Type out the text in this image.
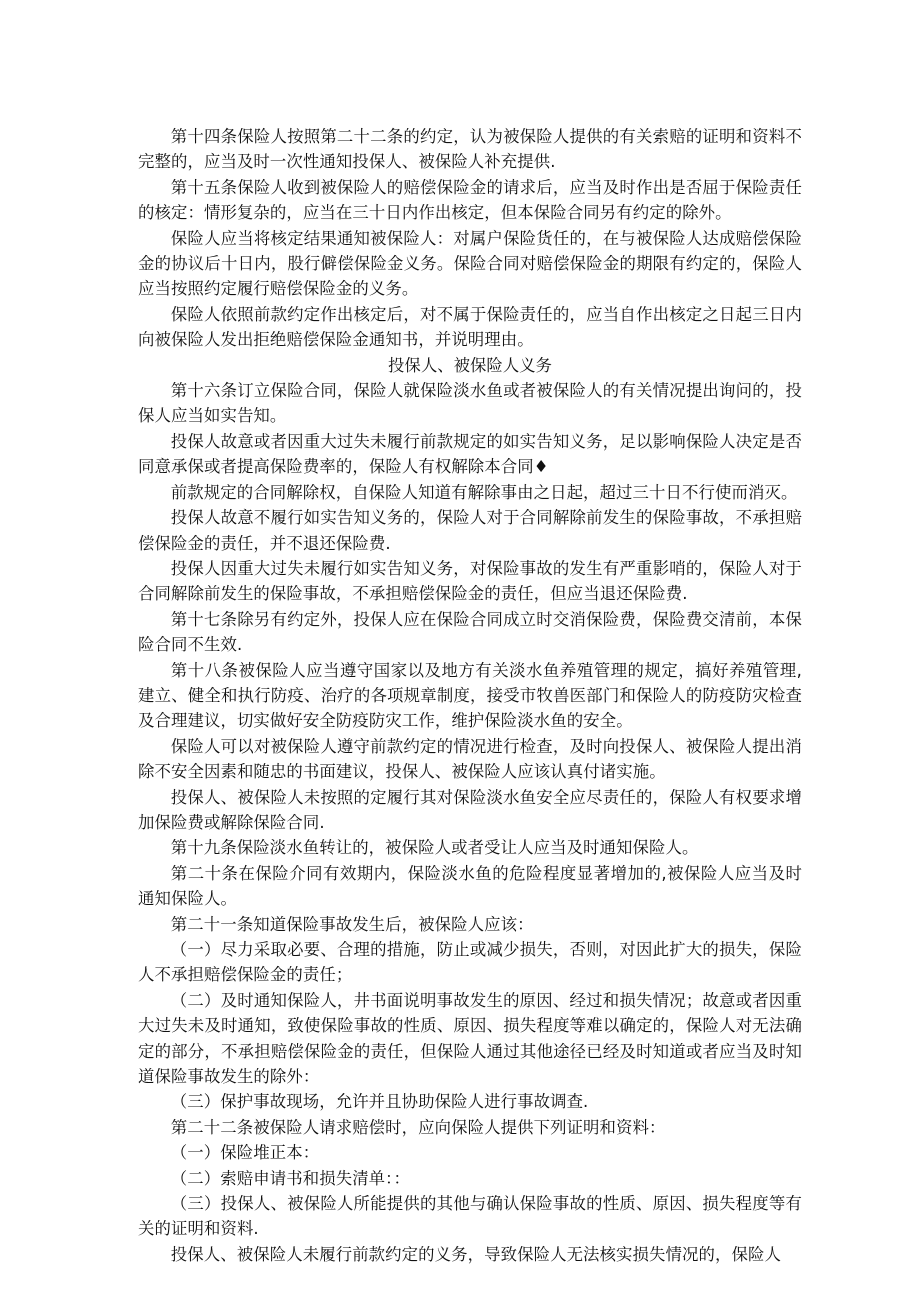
第十四条保险人按照第二十二条的约定，认为被保险人提供的有关索赔的证明和资料不完整的，应当及时一次性通知投保人、被保险人补充提供.

第十五条保险人收到被保险人的赔偿保险金的请求后，应当及时作出是否屈于保险责任的核定：情形复杂的，应当在三十日内作出核定，但本保险合同另有约定的除外。

保险人应当将核定结果通知被保险人：对属户保险货任的，在与被保险人达成赔偿保险金的协议后十日内，股行僻偿保险金义务。保险合同对赔偿保险金的期限有约定的，保险人应当按照约定履行赔偿保险金的义务。

保险人依照前款约定作出核定后，对不属于保险责任的，应当自作出核定之日起三日内向被保险人发出拒绝赔偿保险金通知书，并说明理由。

投保人、被保险人义务

第十六条订立保险合同，保险人就保险淡水鱼或者被保险人的有关情况提出询问的，投保人应当如实告知。

投保人故意或者因重大过失未履行前款规定的如实告知义务，足以影响保险人决定是否同意承保或者提高保险费率的，保险人有权解除本合同♦

前款规定的合同解除权，自保险人知道有解除事由之日起，超过三十日不行使而消灭。

投保人故意不履行如实告知义务的，保险人对于合同解除前发生的保险事故，不承担赔偿保险金的责任，并不退还保险费.

投保人因重大过失未履行如实告知义务，对保险事故的发生有严重影哨的，保险人对于合同解除前发生的保险事故，不承担赔偿保险金的责任，但应当退还保险费.

第十七条除另有约定外，投保人应在保险合同成立时交消保险费，保险费交清前，本保险合同不生效.

第十八条被保险人应当遵守国家以及地方有关淡水鱼养殖管理的规定，搞好养殖管理,建立、健全和执行防疫、治疗的各项规章制度，接受市牧兽医部门和保险人的防疫防灾检查及合理建议，切实做好安全防疫防灾工作，维护保险淡水鱼的安全。

保险人可以对被保险人遵守前款约定的情况进行检查，及时向投保人、被保险人提出消除不安全因素和随忠的书面建议，投保人、被保险人应该认真付诸实施。

投保人、被保险人未按照的定履行其对保险淡水鱼安全应尽责任的，保险人有权要求增加保险费或解除保险合同.

第十九条保险淡水鱼转让的，被保险人或者受让人应当及时通知保险人。

第二十条在保险介同有效期内，保险淡水鱼的危险程度显著增加的,被保险人应当及时通知保险人。

第二十一条知道保险事故发生后，被保险人应该：

（一）尽力采取必要、合理的措施，防止或减少损失，否则，对因此扩大的损失，保险人不承担赔偿保险金的责任；

（二）及时通知保险人，井书面说明事故发生的原因、经过和损失情况；故意或者因重大过失未及时通知，致使保险事故的性质、原因、损失程度等难以确定的，保险人对无法确定的部分，不承担赔偿保险金的责任，但保险人通过其他途径已经及时知道或者应当及时知道保险事故发生的除外：

（三）保护事故现场，允许并且协助保险人进行事故调查.

第二十二条被保险人请求赔偿时，应向保险人提供下列证明和资料：

（一）保险堆正本：

（二）索赔申请书和损失清单：：

（三）投保人、被保险人所能提供的其他与确认保险事故的性质、原因、损失程度等有关的证明和资料.

投保人、被保险人未履行前款约定的义务，导致保险人无法核实损失情况的，保险人
